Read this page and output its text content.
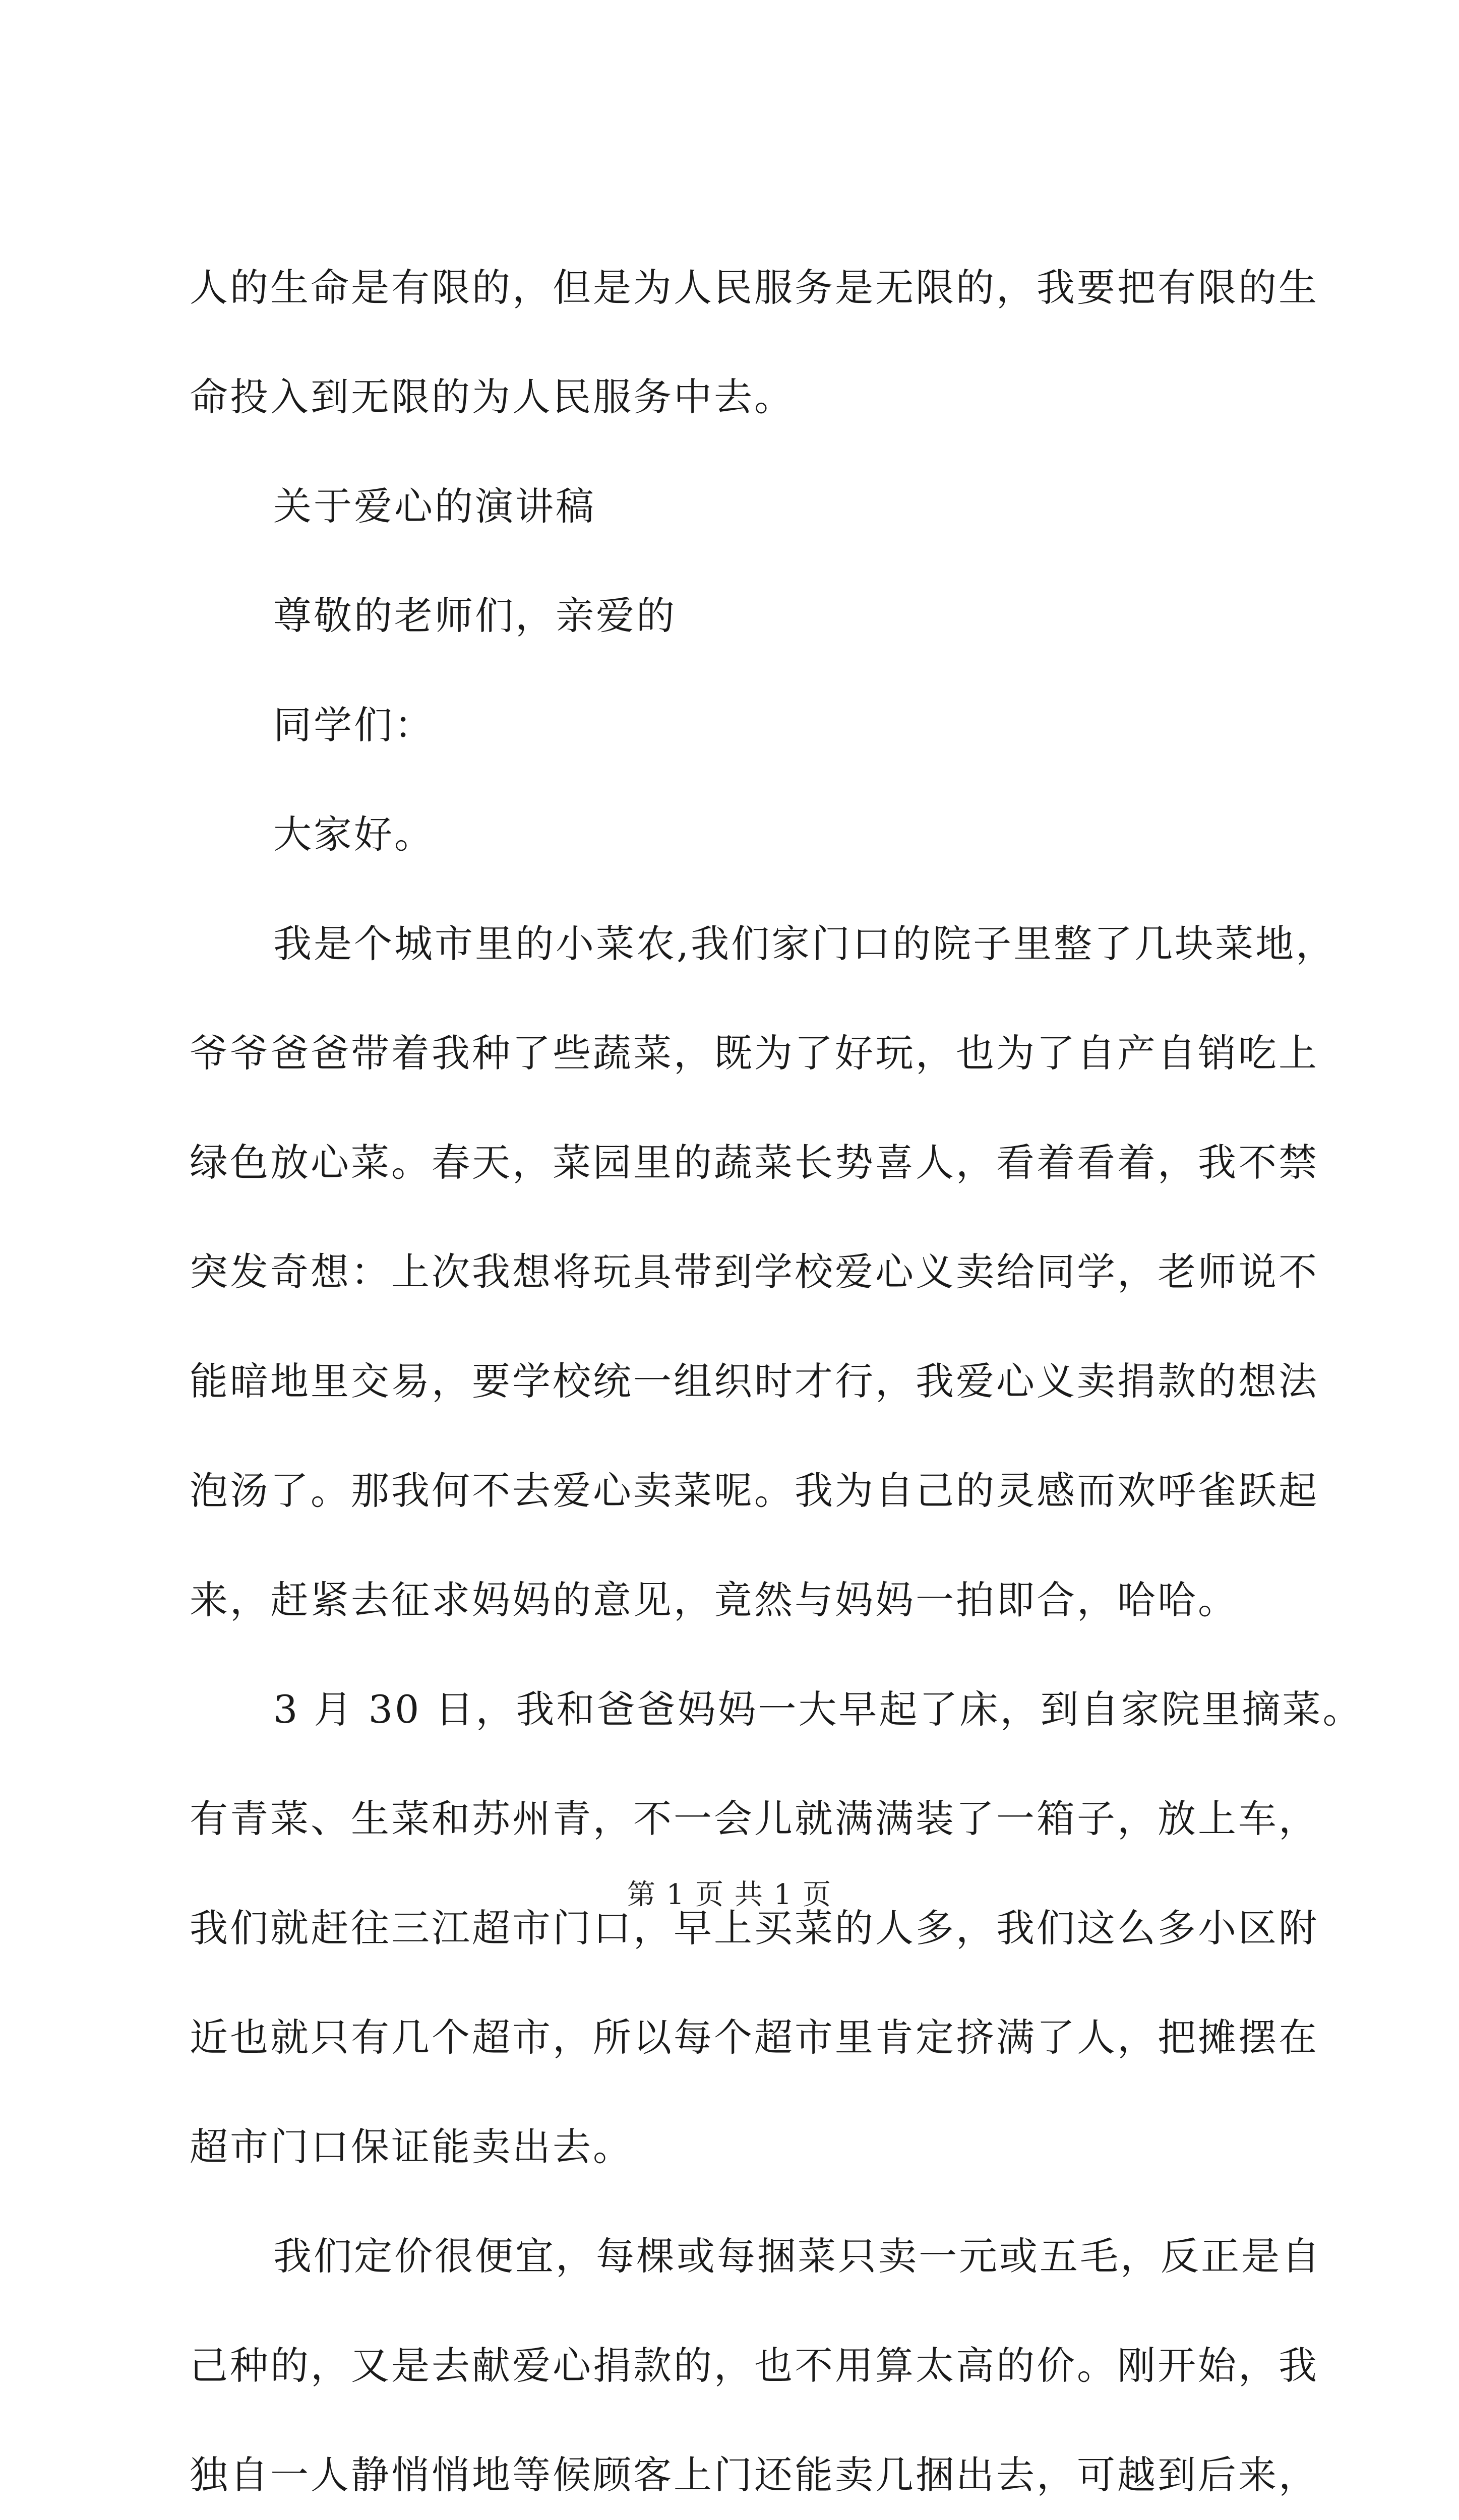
人的生命是有限的，但是为人民服务是无限的，我要把有限的生
命投入到无限的为人民服务中去。
关于爱心的演讲稿
尊敬的老师们，亲爱的
同学们：
大家好。
我是个城市里的小菜农,我们家门口的院子里整了几块菜地，
爷爷爸爸带着我种了些蔬菜，既为了好玩，也为了自产自销吃上
绿色放心菜。春天，菜园里的蔬菜长势喜人，看着看着，我不禁
突发奇想：上次我想将玩具带到学校爱心义卖给同学，老师说不
能暗地里交易，要学校统一组织时才行，我爱心义卖捐款的想法
泡汤了。那我何不去爱心卖菜呢。我为自己的灵感而欢呼雀跃起
来，赶紧去征求妈妈的意见，竟然与妈妈一拍即合，哈哈。
3 月 30 日，我和爸爸妈妈一大早起了床，到自家院里摘菜。
有青菜、生菜和苏州青，不一会儿就满满装了一箱子，放上车，
我们就赶往三江超市门口，早上买菜的人多，我们这么多小区附
近也就只有几个超市，所以每个超市里肯定挤满了人，把摊摆在
超市门口保证能卖出去。
我们定价很便宜，每棵或每捆菜只卖一元或五毛，反正是自
己种的，又是去献爱心捐款的，也不用算太高的价。刚开始，我
独自一人静悄悄地等候顾客上门还能卖几捆出去，可越到后来，
第 1 页 共 1 页
